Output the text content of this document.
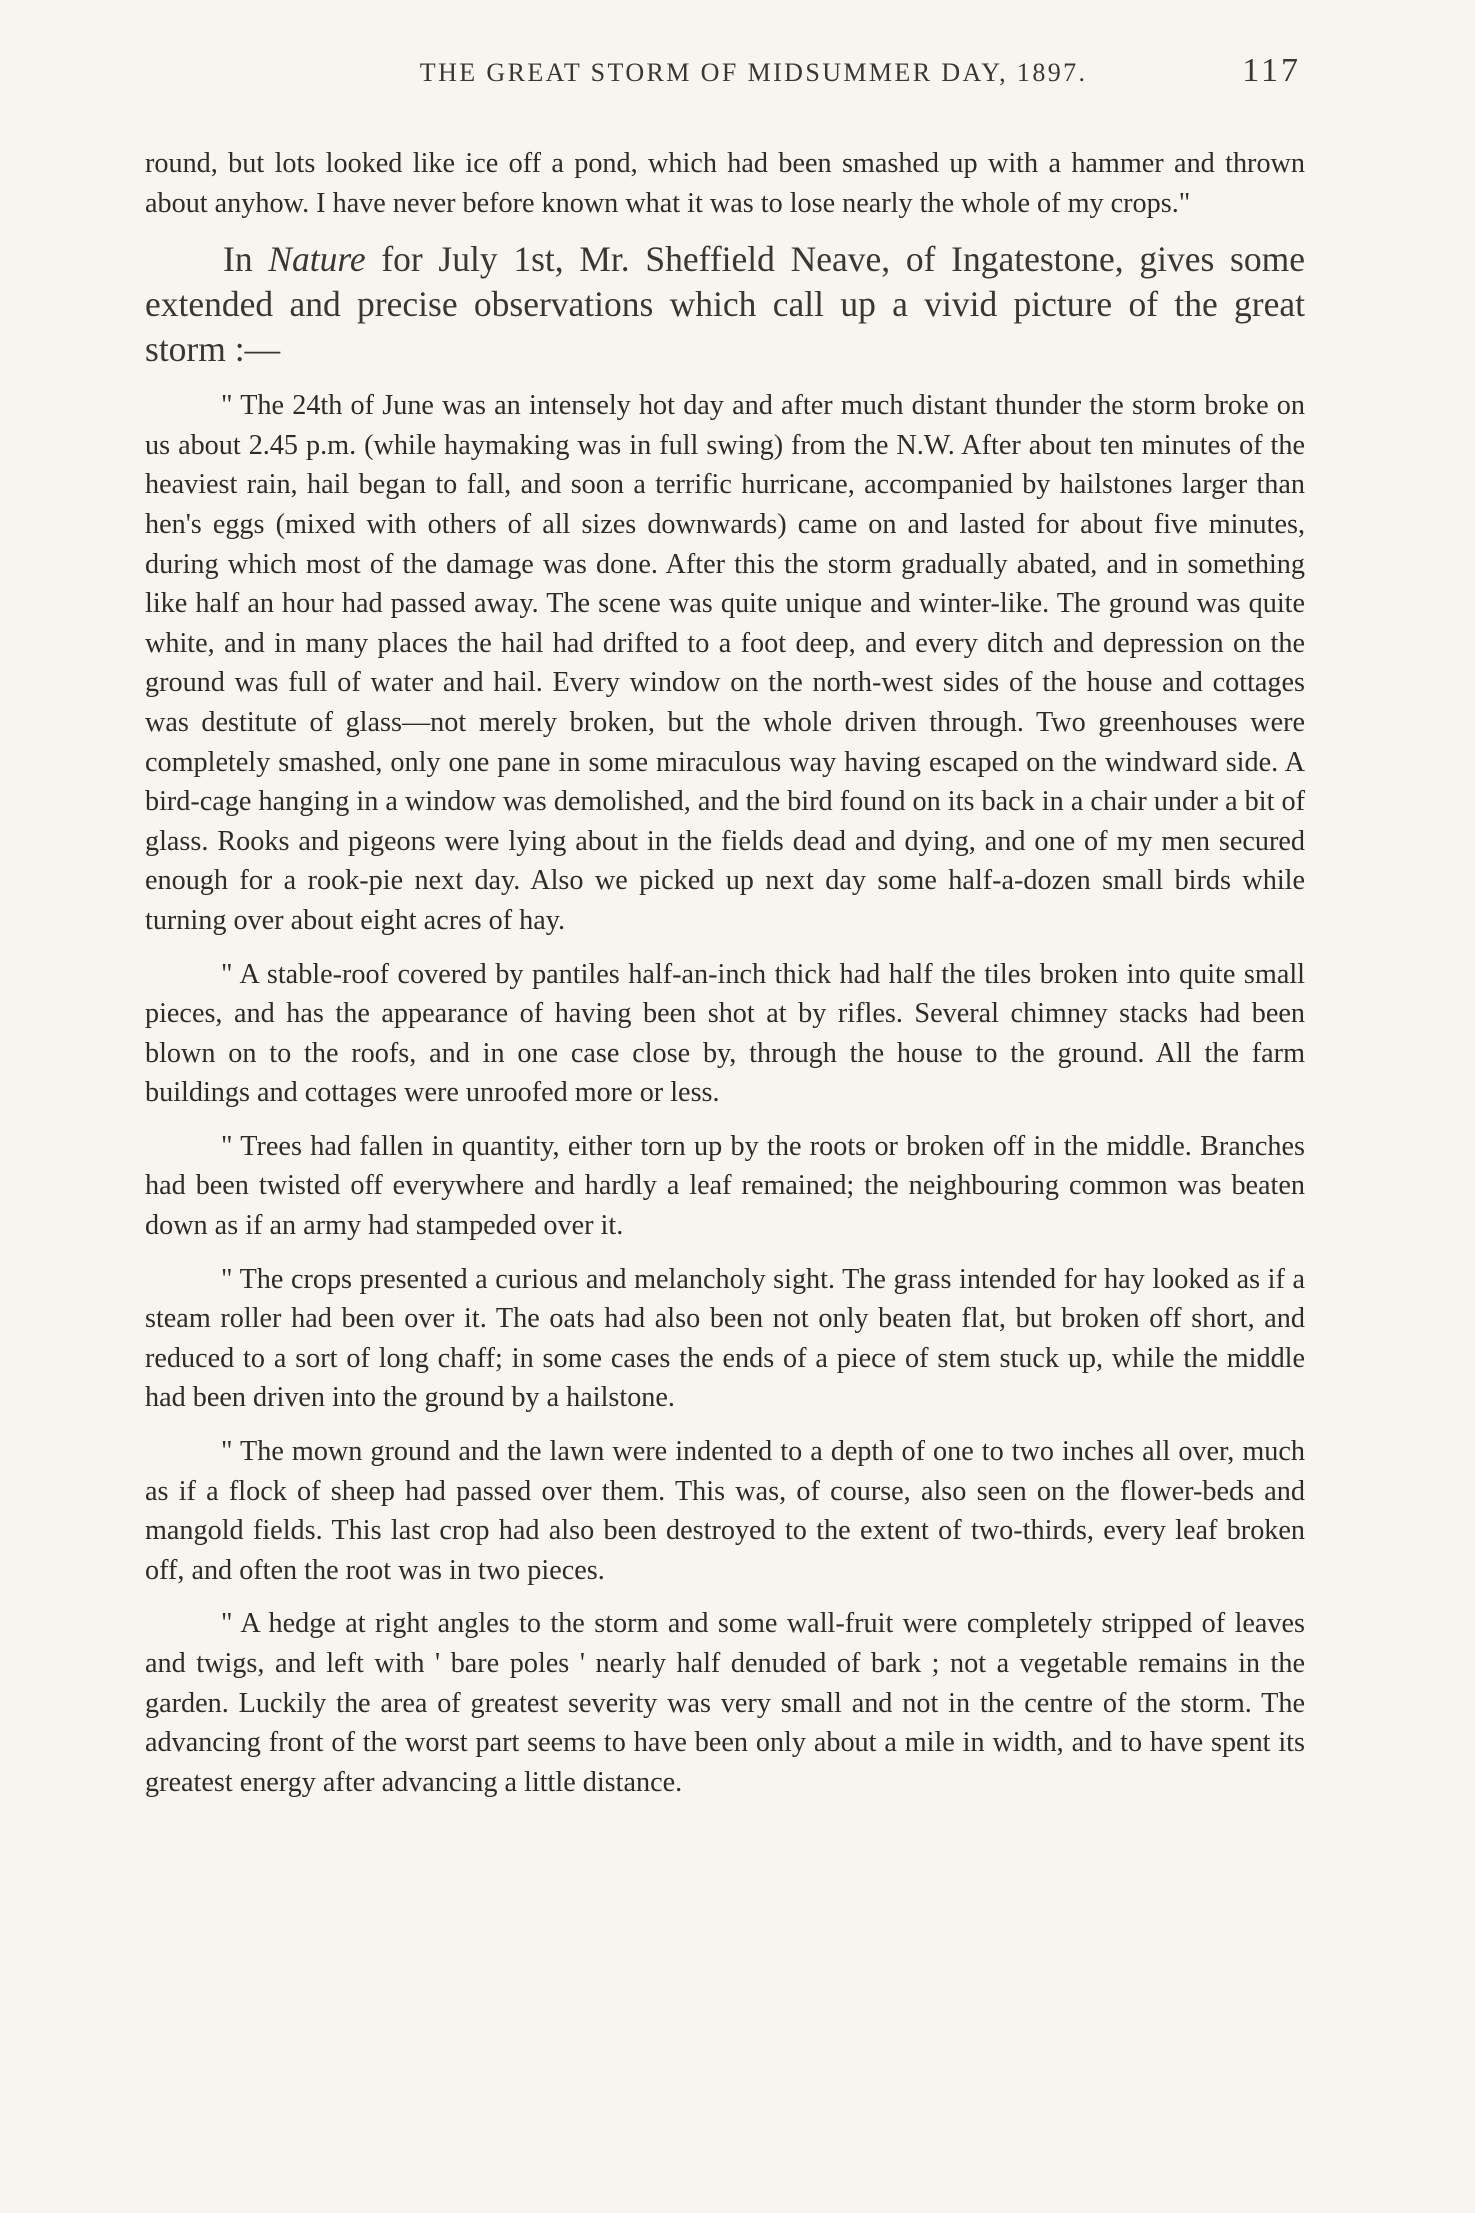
THE GREAT STORM OF MIDSUMMER DAY, 1897.	117

round, but lots looked like ice off a pond, which had been smashed up with a hammer and thrown about anyhow. I have never before known what it was to lose nearly the whole of my crops."

In Nature for July 1st, Mr. Sheffield Neave, of Ingatestone, gives some extended and precise observations which call up a vivid picture of the great storm :—

" The 24th of June was an intensely hot day and after much distant thunder the storm broke on us about 2.45 p.m. (while haymaking was in full swing) from the N.W. After about ten minutes of the heaviest rain, hail began to fall, and soon a terrific hurricane, accompanied by hailstones larger than hen's eggs (mixed with others of all sizes downwards) came on and lasted for about five minutes, during which most of the damage was done. After this the storm gradually abated, and in something like half an hour had passed away. The scene was quite unique and winter-like. The ground was quite white, and in many places the hail had drifted to a foot deep, and every ditch and depression on the ground was full of water and hail. Every window on the north-west sides of the house and cottages was destitute of glass—not merely broken, but the whole driven through. Two greenhouses were completely smashed, only one pane in some miraculous way having escaped on the windward side. A bird-cage hanging in a window was demolished, and the bird found on its back in a chair under a bit of glass. Rooks and pigeons were lying about in the fields dead and dying, and one of my men secured enough for a rook-pie next day. Also we picked up next day some half-a-dozen small birds while turning over about eight acres of hay.

" A stable-roof covered by pantiles half-an-inch thick had half the tiles broken into quite small pieces, and has the appearance of having been shot at by rifles. Several chimney stacks had been blown on to the roofs, and in one case close by, through the house to the ground. All the farm buildings and cottages were unroofed more or less.

" Trees had fallen in quantity, either torn up by the roots or broken off in the middle. Branches had been twisted off everywhere and hardly a leaf remained; the neighbouring common was beaten down as if an army had stampeded over it.

" The crops presented a curious and melancholy sight. The grass intended for hay looked as if a steam roller had been over it. The oats had also been not only beaten flat, but broken off short, and reduced to a sort of long chaff; in some cases the ends of a piece of stem stuck up, while the middle had been driven into the ground by a hailstone.

" The mown ground and the lawn were indented to a depth of one to two inches all over, much as if a flock of sheep had passed over them. This was, of course, also seen on the flower-beds and mangold fields. This last crop had also been destroyed to the extent of two-thirds, every leaf broken off, and often the root was in two pieces.

" A hedge at right angles to the storm and some wall-fruit were completely stripped of leaves and twigs, and left with ' bare poles ' nearly half denuded of bark ; not a vegetable remains in the garden. Luckily the area of greatest severity was very small and not in the centre of the storm. The advancing front of the worst part seems to have been only about a mile in width, and to have spent its greatest energy after advancing a little distance.
